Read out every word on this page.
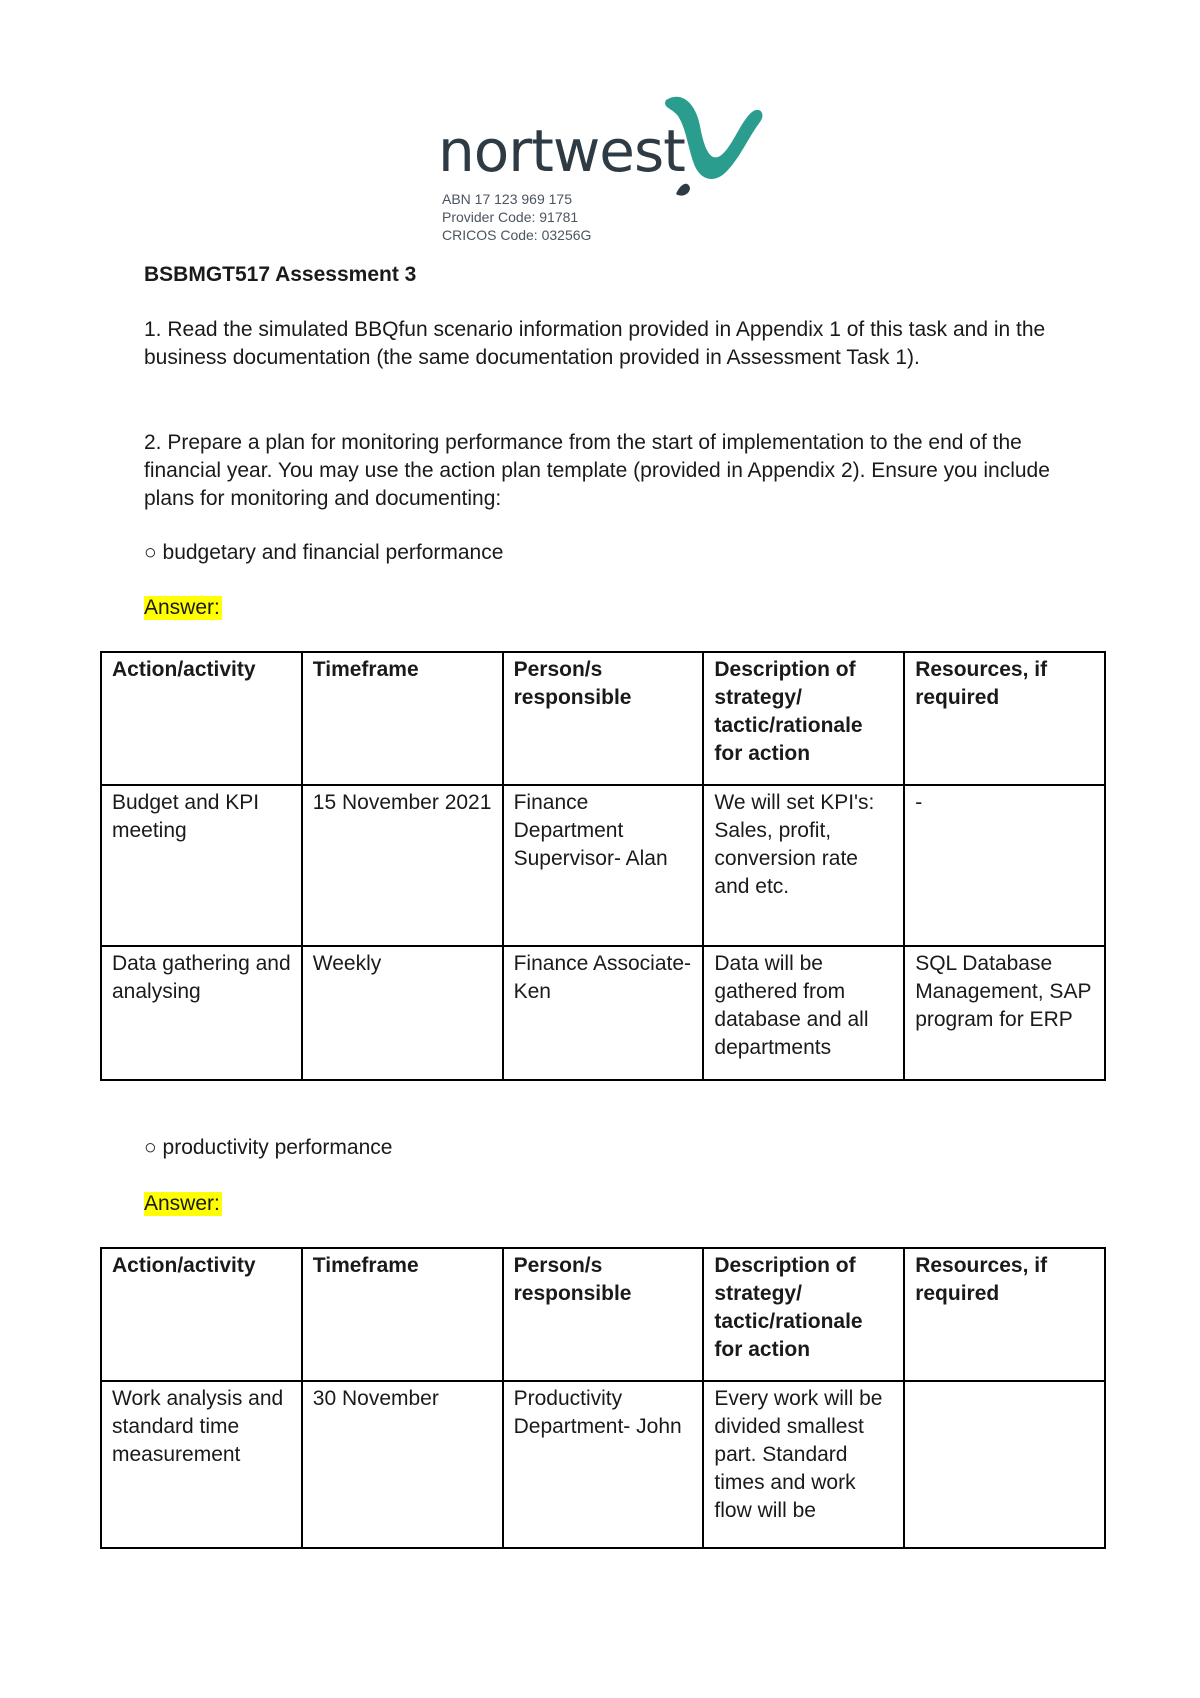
nortwest
ABN 17 123 969 175
Provider Code: 91781
CRICOS Code: 03256G
BSBMGT517 Assessment 3

1. Read the simulated BBQfun scenario information provided in Appendix 1 of this task and in the business documentation (the same documentation provided in Assessment Task 1).

2. Prepare a plan for monitoring performance from the start of implementation to the end of the financial year. You may use the action plan template (provided in Appendix 2). Ensure you include plans for monitoring and documenting:

○ budgetary and financial performance
Answer:
Action/activity	Timeframe	Person/s responsible	Description of strategy/ tactic/rationale for action	Resources, if required
Budget and KPI meeting	15 November 2021	Finance Department Supervisor- Alan	We will set KPI's: Sales, profit, conversion rate and etc.	-
Data gathering and analysing	Weekly	Finance Associate- Ken	Data will be gathered from database and all departments	SQL Database Management, SAP program for ERP
○ productivity performance
Answer:
Action/activity	Timeframe	Person/s responsible	Description of strategy/ tactic/rationale for action	Resources, if required
Work analysis and standard time measurement	30 November	Productivity Department- John	Every work will be divided smallest part. Standard times and work flow will be	
